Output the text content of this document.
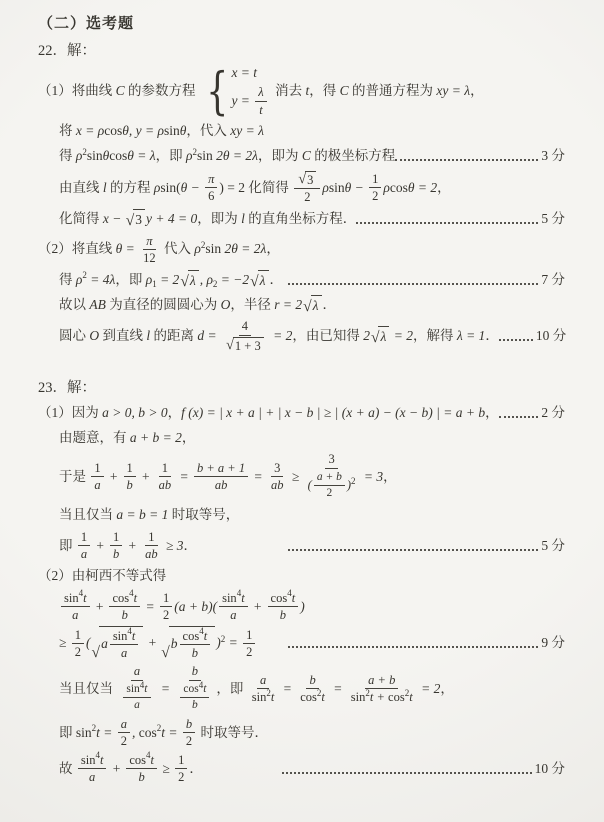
（二）选考题
22．解：
（1）将曲线 C 的参数方程 { x = t
$y = \frac{\lambda}{t}$ 消去 t ，得 C 的普通方程为 xy = λ ，
将 x = ρ cos θ , y = ρ sin θ ，代入 xy = λ
得 ρ 2 sin θ cos θ = λ ，即 ρ 2 sin 2θ = 2λ ，即为 C 的极坐标方程	3 分
由直线 l 的方程 ρ sin( $\theta - \frac{\pi}{6}$ ) = 2 化简得 $\frac{√ 3}{2}$ ρ $\sin \theta - \frac{1}{2}$ ρ cos θ = 2 ，
化简得 x − √ 3 y + 4 = 0 ，即为 l 的直角坐标方程．	5 分
（2）将直线 $\theta = \frac{\pi}{12}$ 代入 ρ 2 sin 2θ = 2λ ，
得 ρ 2 = 4λ ，即 ρ 1 = 2 √ λ , ρ 2 = −2 √ λ ．	7 分
故以 AB 为直径的圆圆心为 O ，半径 r = 2 √ λ ．
圆心 O 到直线 l 的距离 $d = \frac{4}{√ 1 + 3} = 2$ ，由已知得 2 √ λ = 2 ，解得 λ = 1 ．	10 分
23．解：
（1）因为 a > 0, b > 0 ， f (x) = | x + a | + | x − b | ≥ | (x + a) − (x − b) | = a + b ，	2 分
由题意，有 a + b = 2 ，
于是 $\frac{1}{a} + \frac{1}{b} + \frac{1}{ab} = \frac{b + a + 1}{ab} = \frac{3}{ab} \ge \frac{3}{( \frac{a + b}{2} ) 2} = 3$ ，
当且仅当 a = b = 1 时取等号，
即 $\frac{1}{a} + \frac{1}{b} + \frac{1}{ab} \ge 3$ ．	5 分
（2）由柯西不等式得
$\frac{\sin 4 t}{a} + \frac{\cos 4 t}{b} = \frac{1}{2} (a + b)( \frac{\sin 4 t}{a} + \frac{\cos 4 t}{b}$ )
≥ $\frac{1}{2}$ (
√ a $\frac{\sin 4 t}{a}$ +
√ b $\frac{\cos 4 t}{b}$ ) $2 = \frac{1}{2}$	9 分
当且仅当 $\frac{a}{\frac{\sin 4 t}{a}} = \frac{b}{\frac{\cos 4 t}{b}}$ ，即 $\frac{a}{\sin 2 t} = \frac{b}{\cos 2 t} = \frac{a + b}{\sin 2 t + \cos 2 t} = 2$ ，
即 sin 2 $t = \frac{a}{2}$ , cos 2 $t = \frac{b}{2}$ 时取等号．
故 $\frac{\sin 4 t}{a} + \frac{\cos 4 t}{b} \ge \frac{1}{2}$ ．	10 分
